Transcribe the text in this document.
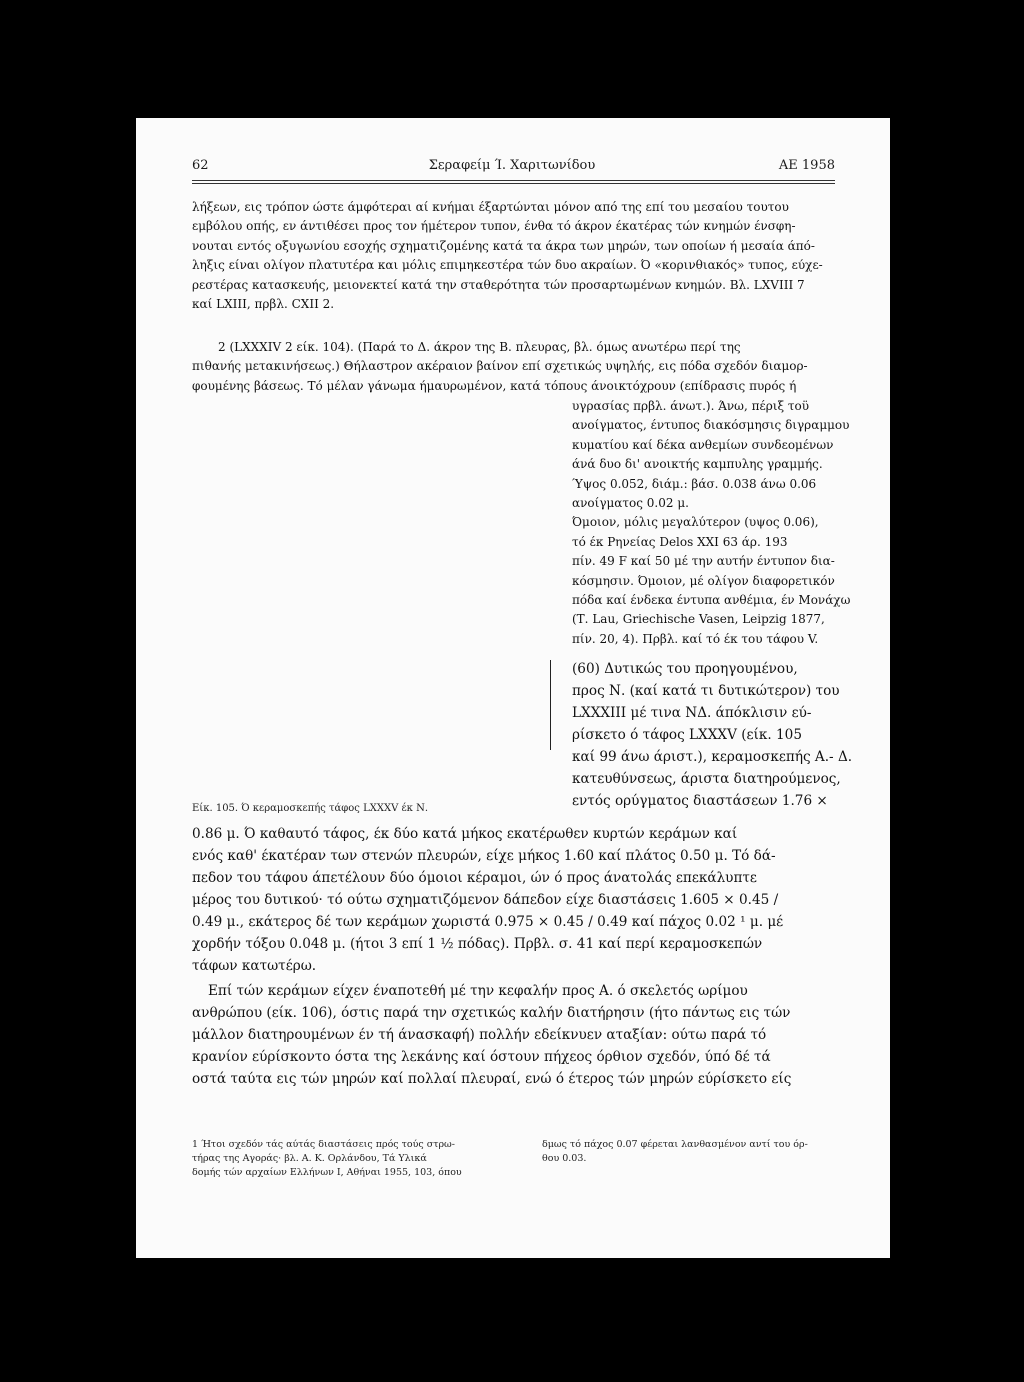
62	Σεραφείμ Ί. Χαριτωνίδου	ΑΕ 1958
λήξεων, εις τρόπον ώστε άμφότεραι αί κνήμαι έξαρτώνται μόνον από της επί του μεσαίου τουτου
εμβόλου οπής, εν άντιθέσει προς τον ήμέτερον τυπον, ένθα τό άκρον έκατέρας τών κνημών ένσφη-
νουται εντός οξυγωνίου εσοχής σχηματιζομένης κατά τα άκρα των μηρών, των οποίων ή μεσαία άπό-
ληξις είναι ολίγον πλατυτέρα και μόλις επιμηκεστέρα τών δυο ακραίων. Ό «κορινθιακός» τυπος, εύχε-
ρεστέρας κατασκευής, μειονεκτεί κατά την σταθερότητα τών προσαρτωμένων κνημών. Βλ. LXVIII 7
καί LXIII, πρβλ. CXII 2.
2 (LXXXIV 2 είκ. 104). (Παρά το Δ. άκρον της Β. πλευρας, βλ. όμως ανωτέρω περί της
πιθανής μετακινήσεως.) Θήλαστρον ακέραιον βαίνον επί σχετικώς υψηλής, εις πόδα σχεδόν διαμορ-
φουμένης βάσεως. Τό μέλαν γάνωμα ήμαυρωμένον, κατά τόπους άνοικτόχρουν (επίδρασις πυρός ή
υγρασίας πρβλ. άνωτ.). Άνω, πέριξ τοϋ
ανοίγματος, έντυπος διακόσμησις διγραμμου
κυματίου καί δέκα ανθεμίων συνδεομένων
άνά δυο δι' ανοικτής καμπυλης γραμμής.
Ύψος 0.052, διάμ.: βάσ. 0.038 άνω 0.06
ανοίγματος 0.02 μ.
Όμοιον, μόλις μεγαλύτερον (υψος 0.06),
τό έκ Ρηνείας Delos XXI 63 άρ. 193
πίν. 49 F καί 50 μέ την αυτήν έντυπον δια-
κόσμησιν. Όμοιον, μέ ολίγον διαφορετικόν
πόδα καί ένδεκα έντυπα ανθέμια, έν Μονάχω
(Τ. Lau, Griechische Vasen, Leipzig 1877,
πίν. 20, 4). Πρβλ. καί τό έκ του τάφου V.
(60) Δυτικώς του προηγουμένου,
προς Ν. (καί κατά τι δυτικώτερον) του
LXXXIII μέ τινα ΝΔ. άπόκλισιν εύ-
ρίσκετο ό τάφος LXXXV (είκ. 105
καί 99 άνω άριστ.), κεραμοσκεπής Α.- Δ.
κατευθύνσεως, άριστα διατηρούμενος,
εντός ορύγματος διαστάσεων 1.76 ×
Είκ. 105. Ό κεραμοσκεπής τάφος LXXXV έκ Ν.
0.86 μ. Ό καθαυτό τάφος, έκ δύο κατά μήκος εκατέρωθεν κυρτών κεράμων καί
ενός καθ' έκατέραν των στενών πλευρών, είχε μήκος 1.60 καί πλάτος 0.50 μ. Τό δά-
πεδον του τάφου άπετέλουν δύο όμοιοι κέραμοι, ών ό προς άνατολάς επεκάλυπτε
μέρος του δυτικού· τό ούτω σχηματιζόμενον δάπεδον είχε διαστάσεις 1.605 × 0.45 /
0.49 μ., εκάτερος δέ των κεράμων χωριστά 0.975 × 0.45 / 0.49 καί πάχος 0.02 ¹ μ. μέ
χορδήν τόξου 0.048 μ. (ήτοι 3 επί 1 ½ πόδας). Πρβλ. σ. 41 καί περί κεραμοσκεπών
τάφων κατωτέρω.
Επί τών κεράμων είχεν έναποτεθή μέ την κεφαλήν προς Α. ό σκελετός ωρίμου
ανθρώπου (είκ. 106), όστις παρά την σχετικώς καλήν διατήρησιν (ήτο πάντως εις τών
μάλλον διατηρουμένων έν τή άνασκαφή) πολλήν εδείκνυεν αταξίαν: ούτω παρά τό
κρανίον εύρίσκοντο όστα της λεκάνης καί όστουν πήχεος όρθιον σχεδόν, ύπό δέ τά
οστά ταύτα εις τών μηρών καί πολλαί πλευραί, ενώ ό έτερος τών μηρών εύρίσκετο είς
1 Ήτοι σχεδόν τάς αύτάς διαστάσεις πρός τούς στρω-
τήρας της Αγοράς· βλ. Α. Κ. Ορλάνδου, Τά Υλικά
δομής τών αρχαίων Ελλήνων Ι, Αθήναι 1955, 103, όπου
δμως τό πάχος 0.07 φέρεται λανθασμένον αντί του όρ-
θου 0.03.
